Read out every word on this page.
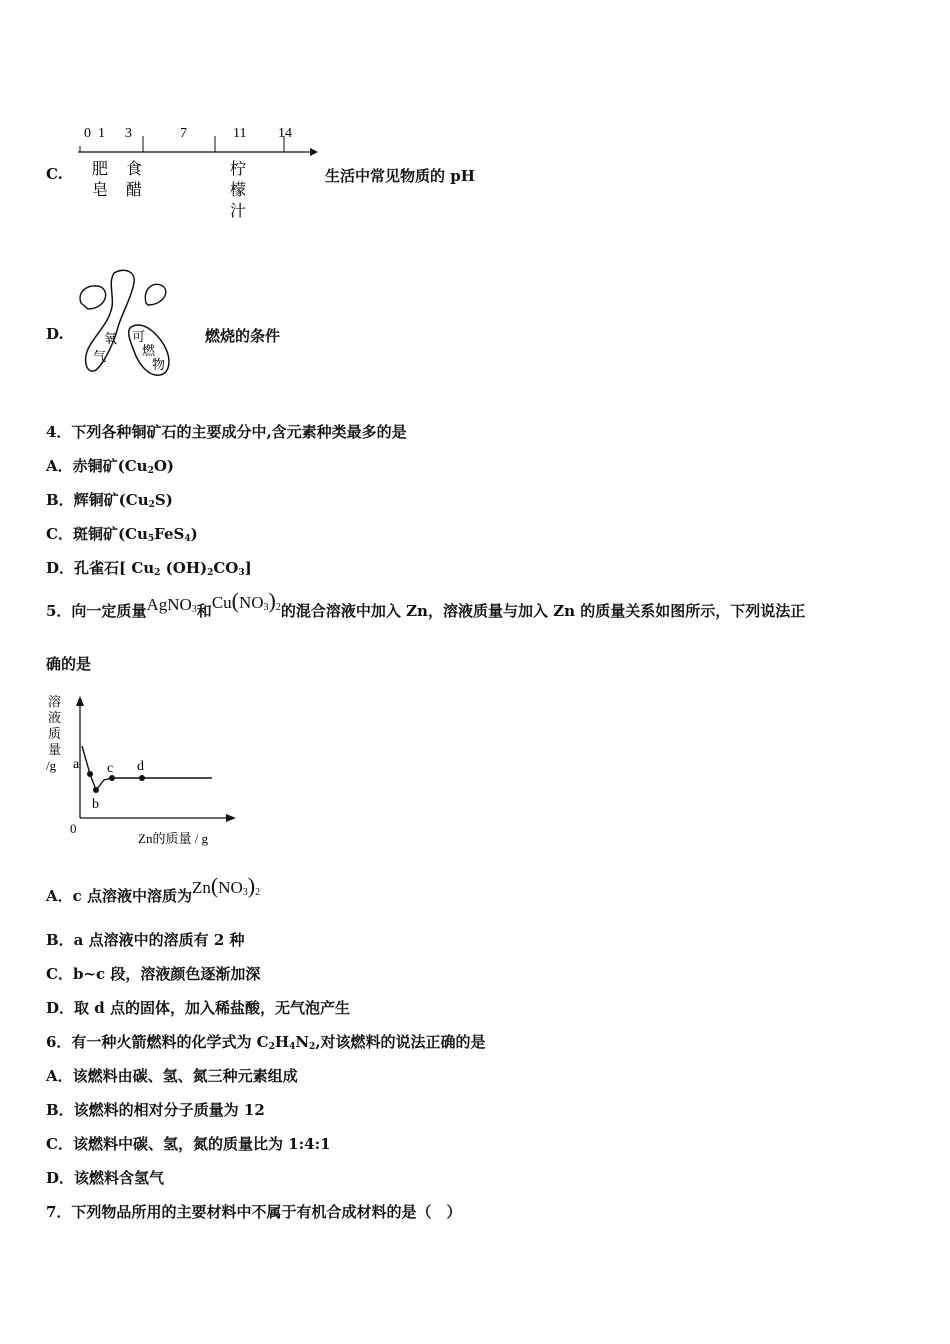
C.
0 1 3	7	11 14
肥
皂
食
醋
柠
檬
汁
生活中常见物质的 pH
D.	氧
气
可
燃
物
燃烧的条件
4．下列各种铜矿石的主要成分中,含元素种类最多的是
A．赤铜矿$(Cu_2O)$
B．辉铜矿$(Cu_2S)$
C．斑铜矿$(Cu_5FeS_4)$
D．孔雀石[ $Cu_2$ $(OH)_2CO_3$]
5．向一定质量AgNO$_3$和$Cu(NO_3)_2$的混合溶液中加入 Zn，溶液质量与加入 Zn 的质量关系如图所示，下列说法正
确的是
溶
液
质
量
/g
0
Zn的质量 / g
a
b
c d
A．c 点溶液中溶质为$Zn(NO_3)_2$
B．a 点溶液中的溶质有 2 种
C．b~c 段，溶液颜色逐渐加深
D．取 d 点的固体，加入稀盐酸，无气泡产生
6．有一种火箭燃料的化学式为 $C_2H_4N_2$,对该燃料的说法正确的是
A．该燃料由碳、氢、氮三种元素组成
B．该燃料的相对分子质量为 12
C．该燃料中碳、氢，氮的质量比为 1:4:1
D．该燃料含氢气
7．下列物品所用的主要材料中不属于有机合成材料的是（　）
